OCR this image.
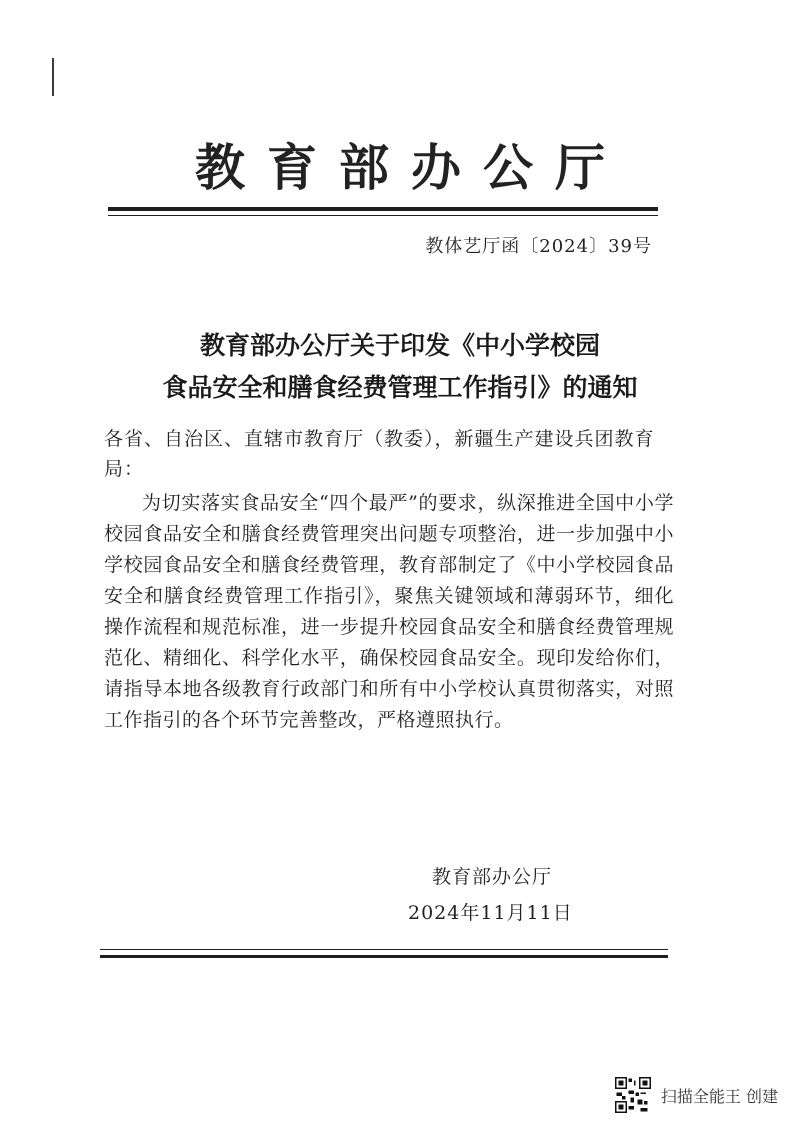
教育部办公厅
教体艺厅函〔2024〕39号
教育部办公厅关于印发《中小学校园
食品安全和膳食经费管理工作指引》的通知
各省、自治区、直辖市教育厅（教委），新疆生产建设兵团教育局：
为切实落实食品安全“四个最严”的要求，纵深推进全国中小学校园食品安全和膳食经费管理突出问题专项整治，进一步加强中小学校园食品安全和膳食经费管理，教育部制定了《中小学校园食品安全和膳食经费管理工作指引》，聚焦关键领域和薄弱环节，细化操作流程和规范标准，进一步提升校园食品安全和膳食经费管理规范化、精细化、科学化水平，确保校园食品安全。现印发给你们，请指导本地各级教育行政部门和所有中小学校认真贯彻落实，对照工作指引的各个环节完善整改，严格遵照执行。
教育部办公厅
2024年11月11日
扫描全能王 创建
